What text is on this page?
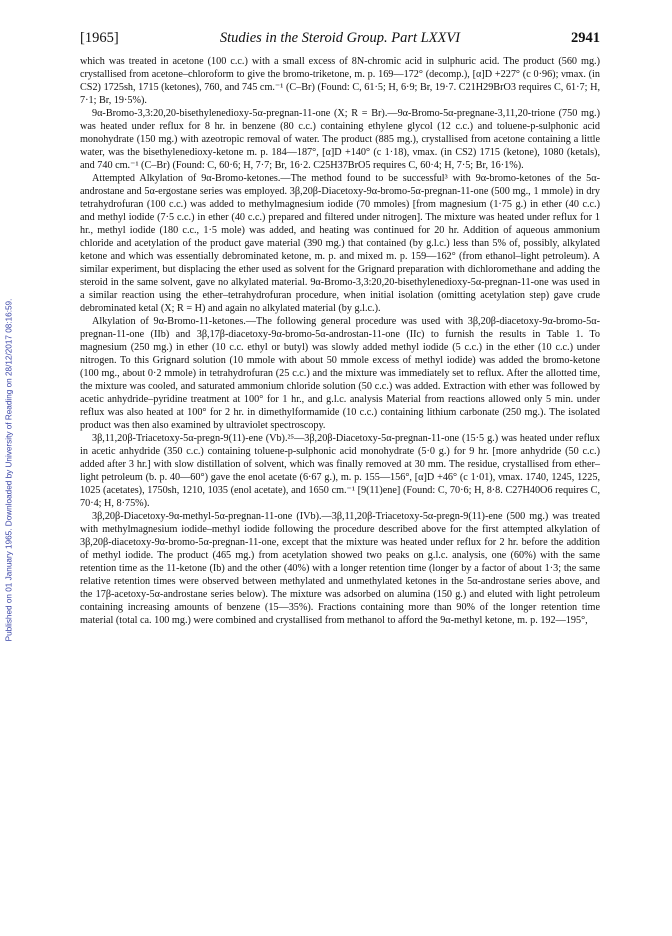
Published on 01 January 1965. Downloaded by University of Reading on 28/12/2017 08:16:59.
[1965]	Studies in the Steroid Group. Part LXXVI	2941

which was treated in acetone (100 c.c.) with a small excess of 8N-chromic acid in sulphuric acid. The product (560 mg.) crystallised from acetone–chloroform to give the bromo-triketone, m. p. 169—172° (decomp.), [α]D +227° (c 0·96); νmax. (in CS2) 1725sh, 1715 (ketones), 760, and 745 cm.⁻¹ (C–Br) (Found: C, 61·5; H, 6·9; Br, 19·7. C21H29BrO3 requires C, 61·7; H, 7·1; Br, 19·5%).

9α-Bromo-3,3:20,20-bisethylenedioxy-5α-pregnan-11-one (X; R = Br).—9α-Bromo-5α-pregnane-3,11,20-trione (750 mg.) was heated under reflux for 8 hr. in benzene (80 c.c.) containing ethylene glycol (12 c.c.) and toluene-p-sulphonic acid monohydrate (150 mg.) with azeotropic removal of water. The product (885 mg.), crystallised from acetone containing a little water, was the bisethylenedioxy-ketone m. p. 184—187°, [α]D +140° (c 1·18), νmax. (in CS2) 1715 (ketone), 1080 (ketals), and 740 cm.⁻¹ (C–Br) (Found: C, 60·6; H, 7·7; Br, 16·2. C25H37BrO5 requires C, 60·4; H, 7·5; Br, 16·1%).

Attempted Alkylation of 9α-Bromo-ketones.—The method found to be successful³ with 9α-bromo-ketones of the 5α-androstane and 5α-ergostane series was employed. 3β,20β-Diacetoxy-9α-bromo-5α-pregnan-11-one (500 mg., 1 mmole) in dry tetrahydrofuran (100 c.c.) was added to methylmagnesium iodide (70 mmoles) [from magnesium (1·75 g.) in ether (40 c.c.) and methyl iodide (7·5 c.c.) in ether (40 c.c.) prepared and filtered under nitrogen]. The mixture was heated under reflux for 1 hr., methyl iodide (180 c.c., 1·5 mole) was added, and heating was continued for 20 hr. Addition of aqueous ammonium chloride and acetylation of the product gave material (390 mg.) that contained (by g.l.c.) less than 5% of, possibly, alkylated ketone and which was essentially debrominated ketone, m. p. and mixed m. p. 159—162° (from ethanol–light petroleum). A similar experiment, but displacing the ether used as solvent for the Grignard preparation with dichloromethane and adding the steroid in the same solvent, gave no alkylated material. 9α-Bromo-3,3:20,20-bisethylenedioxy-5α-pregnan-11-one was used in a similar reaction using the ether–tetrahydrofuran procedure, when initial isolation (omitting acetylation step) gave crude debrominated ketal (X; R = H) and again no alkylated material (by g.l.c.).

Alkylation of 9α-Bromo-11-ketones.—The following general procedure was used with 3β,20β-diacetoxy-9α-bromo-5α-pregnan-11-one (IIb) and 3β,17β-diacetoxy-9α-bromo-5α-androstan-11-one (IIc) to furnish the results in Table 1. To magnesium (250 mg.) in ether (10 c.c. ethyl or butyl) was slowly added methyl iodide (5 c.c.) in the ether (10 c.c.) under nitrogen. To this Grignard solution (10 mmole with about 50 mmole excess of methyl iodide) was added the bromo-ketone (100 mg., about 0·2 mmole) in tetrahydrofuran (25 c.c.) and the mixture was immediately set to reflux. After the allotted time, the mixture was cooled, and saturated ammonium chloride solution (50 c.c.) was added. Extraction with ether was followed by acetic anhydride–pyridine treatment at 100° for 1 hr., and g.l.c. analysis Material from reactions allowed only 5 min. under reflux was also heated at 100° for 2 hr. in dimethylformamide (10 c.c.) containing lithium carbonate (250 mg.). The isolated product was then also examined by ultraviolet spectroscopy.

3β,11,20β-Triacetoxy-5α-pregn-9(11)-ene (Vb).²⁵—3β,20β-Diacetoxy-5α-pregnan-11-one (15·5 g.) was heated under reflux in acetic anhydride (350 c.c.) containing toluene-p-sulphonic acid monohydrate (5·0 g.) for 9 hr. [more anhydride (50 c.c.) added after 3 hr.] with slow distillation of solvent, which was finally removed at 30 mm. The residue, crystallised from ether–light petroleum (b. p. 40—60°) gave the enol acetate (6·67 g.), m. p. 155—156°, [α]D +46° (c 1·01), νmax. 1740, 1245, 1225, 1025 (acetates), 1750sh, 1210, 1035 (enol acetate), and 1650 cm.⁻¹ [9(11)ene] (Found: C, 70·6; H, 8·8. C27H40O6 requires C, 70·4; H, 8·75%).

3β,20β-Diacetoxy-9α-methyl-5α-pregnan-11-one (IVb).—3β,11,20β-Triacetoxy-5α-pregn-9(11)-ene (500 mg.) was treated with methylmagnesium iodide–methyl iodide following the procedure described above for the first attempted alkylation of 3β,20β-diacetoxy-9α-bromo-5α-pregnan-11-one, except that the mixture was heated under reflux for 2 hr. before the addition of methyl iodide. The product (465 mg.) from acetylation showed two peaks on g.l.c. analysis, one (60%) with the same retention time as the 11-ketone (Ib) and the other (40%) with a longer retention time (longer by a factor of about 1·3; the same relative retention times were observed between methylated and unmethylated ketones in the 5α-androstane series above, and the 17β-acetoxy-5α-androstane series below). The mixture was adsorbed on alumina (150 g.) and eluted with light petroleum containing increasing amounts of benzene (15—35%). Fractions containing more than 90% of the longer retention time material (total ca. 100 mg.) were combined and crystallised from methanol to afford the 9α-methyl ketone, m. p. 192—195°,
